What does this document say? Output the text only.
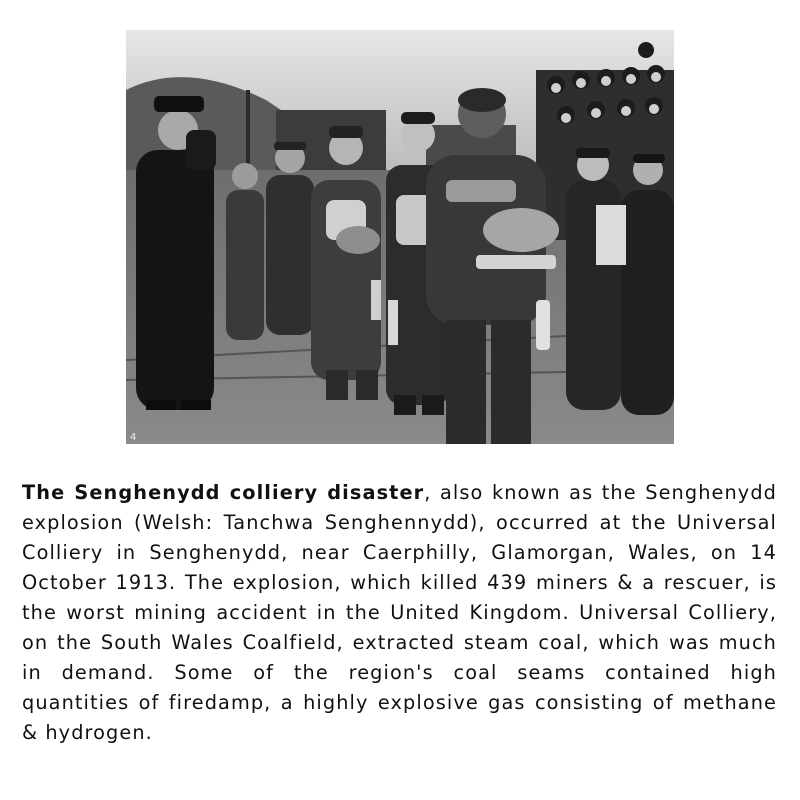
4

The Senghenydd colliery disaster, also known as the Senghenydd explosion (Welsh: Tanchwa Senghennydd), occurred at the Universal Colliery in Senghenydd, near Caerphilly, Glamorgan, Wales, on 14 October 1913. The explosion, which killed 439 miners & a rescuer, is the worst mining accident in the United Kingdom. Universal Colliery, on the South Wales Coalfield, extracted steam coal, which was much in demand. Some of the region's coal seams contained high quantities of firedamp, a highly explosive gas consisting of methane & hydrogen.
